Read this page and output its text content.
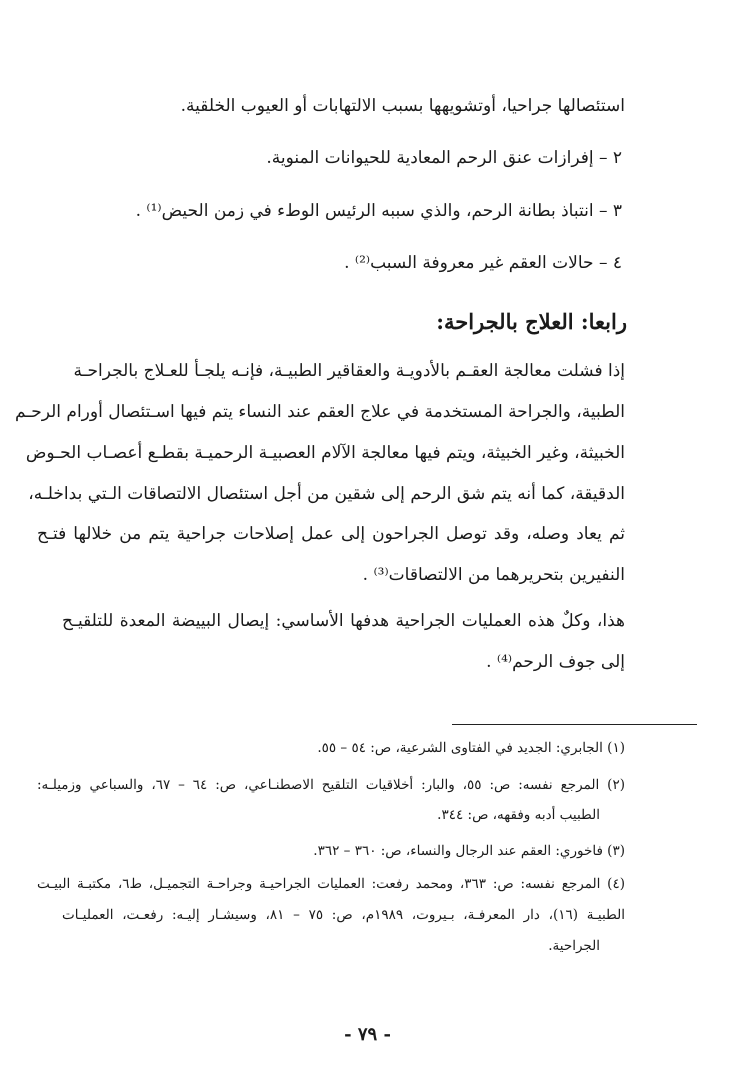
استئصالها جراحيا، أوتشويهها بسبب الالتهابات أو العيوب الخلقية.
٢ – إفرازات عنق الرحم المعادية للحيوانات المنوية.
٣ – انتباذ بطانة الرحم، والذي سببه الرئيس الوطء في زمن الحيض⁽¹⁾ .
٤ – حالات العقم غير معروفة السبب⁽²⁾ .
رابعا: العلاج بالجراحة:
إذا فشلت معالجة العقـم بالأدويـة والعقاقير الطبيـة، فإنـه يلجـأ للعـلاج بالجراحـة
الطبية، والجراحة المستخدمة في علاج العقم عند النساء يتم فيها اسـتئصال أورام الرحـم
الخبيثة، وغير الخبيثة، ويتم فيها معالجة الآلام العصبيـة الرحميـة بقطـع أعصـاب الحـوض
الدقيقة، كما أنه يتم شق الرحم إلى شقين من أجل استئصال الالتصاقات الـتي بداخلـه،
ثم يعاد وصله، وقد توصل الجراحون إلى عمل إصلاحات جراحية يتم من خلالها فتـح
النفيرين بتحريرهما من الالتصاقات⁽³⁾ .
هذا، وكلٌ هذه العمليات الجراحية هدفها الأساسي: إيصال البييضة المعدة للتلقيـح
إلى جوف الرحم⁽⁴⁾ .
(١) الجابري: الجديد في الفتاوى الشرعية، ص: ٥٤ – ٥٥.
(٢) المرجع نفسه: ص: ٥٥، والبار: أخلاقيات التلقيح الاصطنـاعي، ص: ٦٤ – ٦٧، والسباعي وزميلـه:
الطبيب أدبه وفقهه، ص: ٣٤٤.
(٣) فاخوري: العقم عند الرجال والنساء، ص: ٣٦٠ – ٣٦٢.
(٤) المرجع نفسه: ص: ٣٦٣، ومحمد رفعت: العمليات الجراحيـة وجراحـة التجميـل، ط٦، مكتبـة البيـت
الطبيـة (١٦)، دار المعرفـة، بـيروت، ١٩٨٩م، ص: ٧٥ – ٨١، وسيشـار إليـه: رفعـت، العمليـات
الجراحية.
- ٧٩ -
